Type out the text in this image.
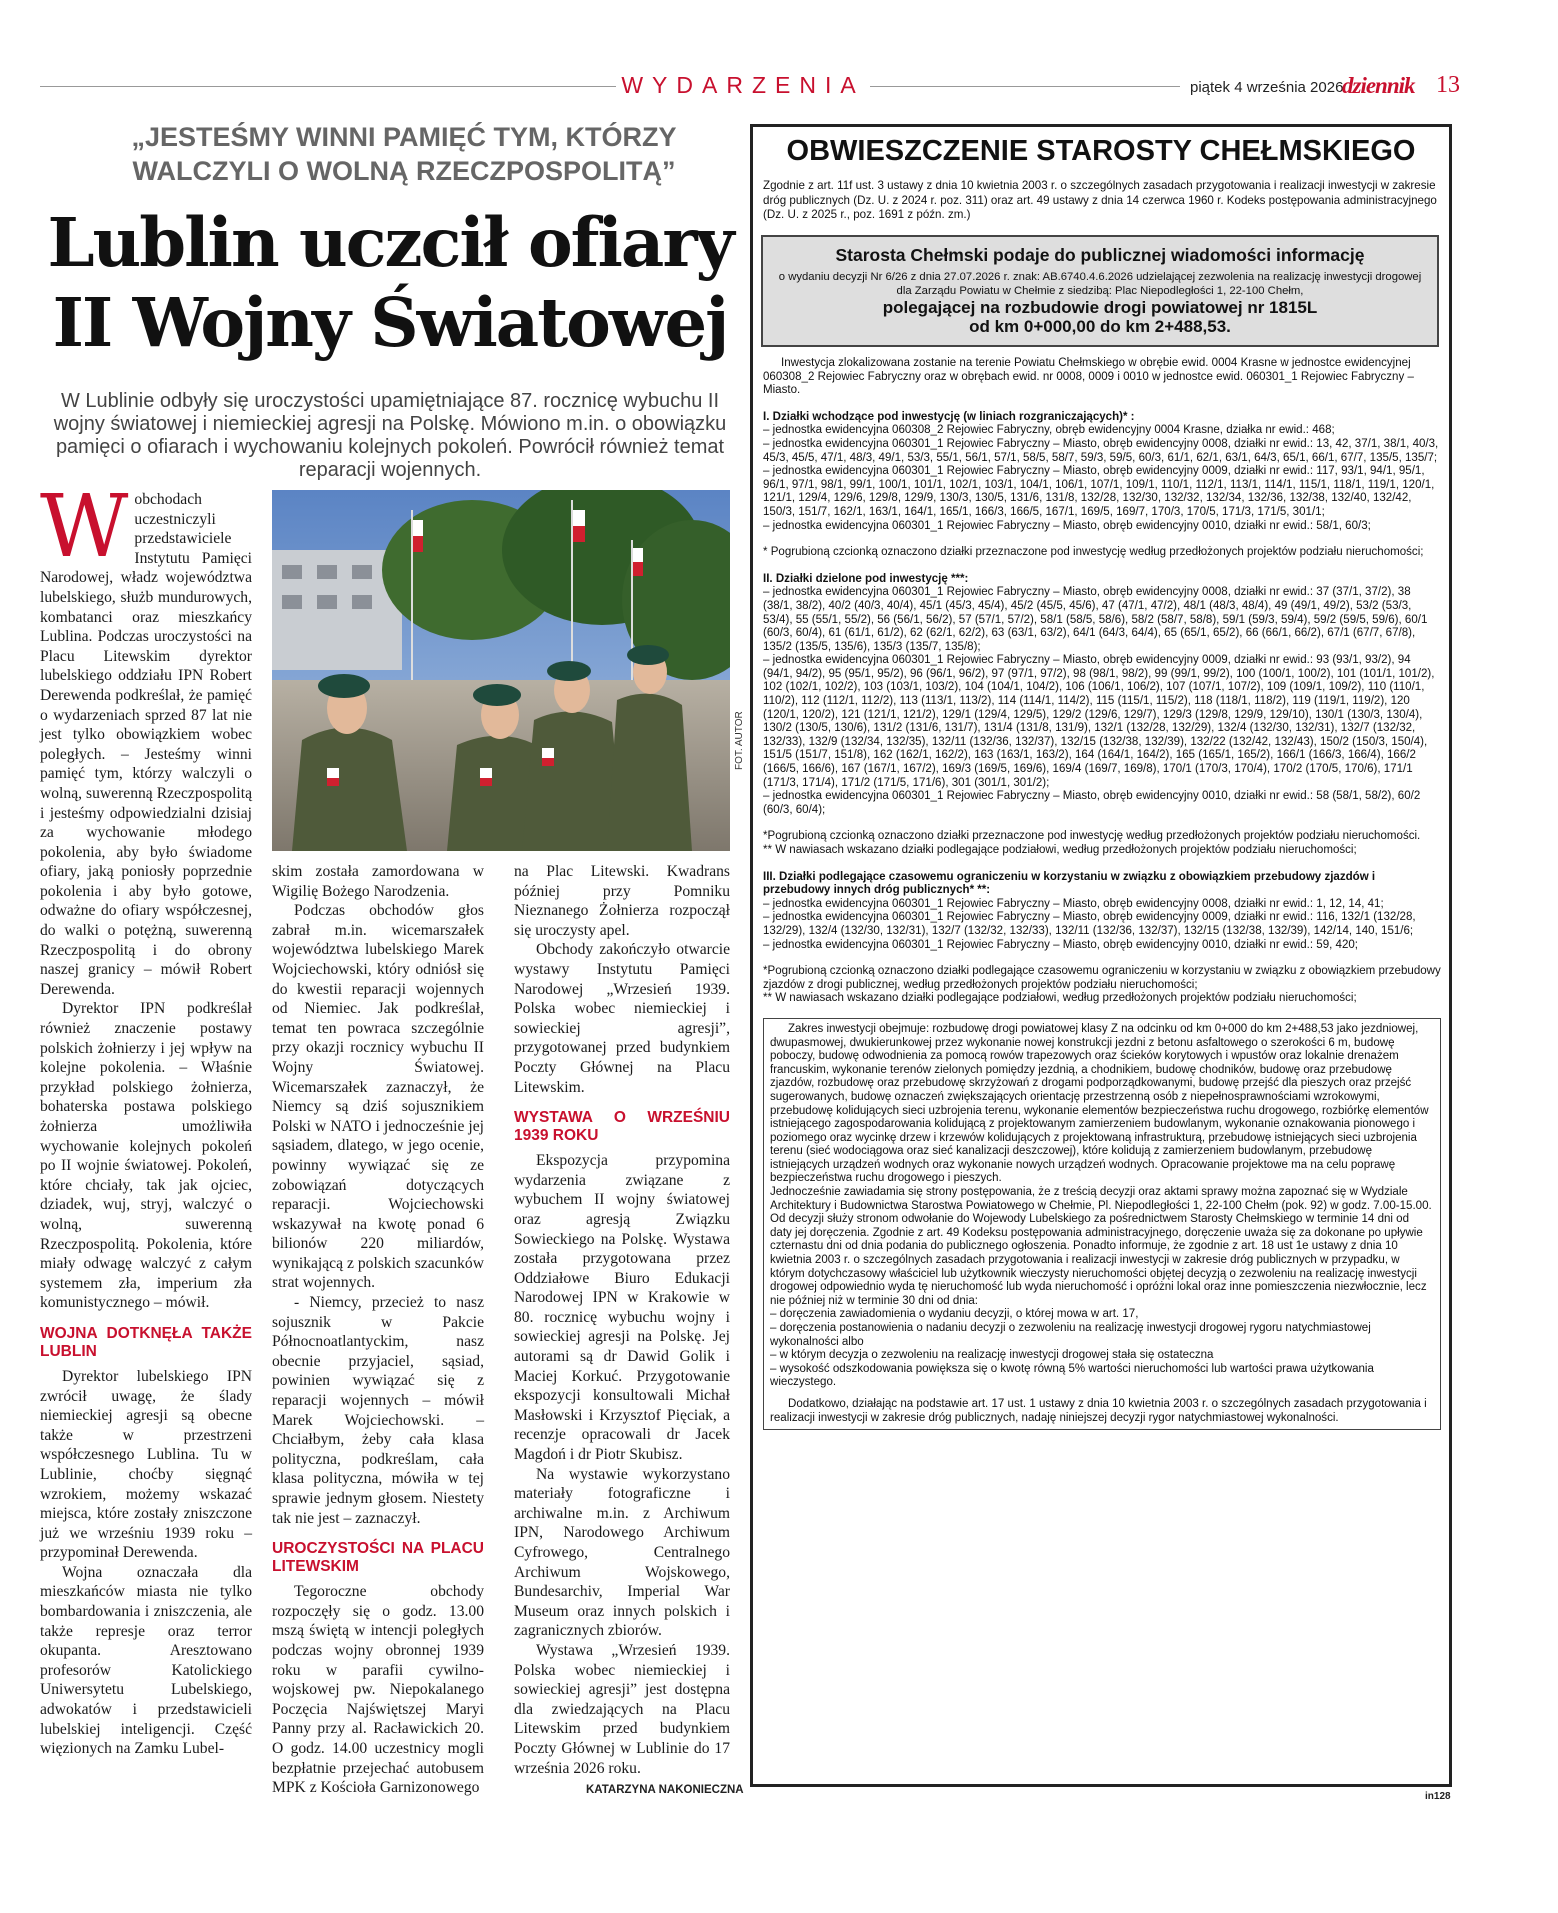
WYDARZENIA	piątek 4 września 2026
dziennik 13
„JESTEŚMY WINNI PAMIĘĆ TYM, KTÓRZY WALCZYLI O WOLNĄ RZECZPOSPOLITĄ”
Lublin uczcił ofiary
II Wojny Światowej
W Lublinie odbyły się uroczystości upamiętniające 87. rocznicę wybuchu II wojny światowej i niemieckiej agresji na Polskę. Mówiono m.in. o obowiązku pamięci o ofiarach i wychowaniu kolejnych pokoleń. Powrócił również temat reparacji wojennych.
FOT. AUTOR

Wobchodach uczestniczyli przedstawiciele Instytutu Pamięci Narodowej, władz województwa lubelskiego, służb mundurowych, kombatanci oraz mieszkańcy Lublina. Podczas uroczystości na Placu Litewskim dyrektor lubelskiego oddziału IPN Robert Derewenda podkreślał, że pamięć o wydarzeniach sprzed 87 lat nie jest tylko obowiązkiem wobec poległych. – Jesteśmy winni pamięć tym, którzy walczyli o wolną, suwerenną Rzeczpospolitą i jesteśmy odpowiedzialni dzisiaj za wychowanie młodego pokolenia, aby było świadome ofiary, jaką poniosły poprzednie pokolenia i aby było gotowe, odważne do ofiary współczesnej, do walki o potężną, suwerenną Rzeczpospolitą i do obrony naszej granicy – mówił Robert Derewenda.

Dyrektor IPN podkreślał również znaczenie postawy polskich żołnierzy i jej wpływ na kolejne pokolenia. – Właśnie przykład polskiego żołnierza, bohaterska postawa polskiego żołnierza umożliwiła wychowanie kolejnych pokoleń po II wojnie światowej. Pokoleń, które chciały, tak jak ojciec, dziadek, wuj, stryj, walczyć o wolną, suwerenną Rzeczpospolitą. Pokolenia, które miały odwagę walczyć z całym systemem zła, imperium zła komunistycznego – mówił.

WOJNA DOTKNĘŁA TAKŻE LUBLIN

Dyrektor lubelskiego IPN zwrócił uwagę, że ślady niemieckiej agresji są obecne także w przestrzeni współczesnego Lublina. Tu w Lublinie, choćby sięgnąć wzrokiem, możemy wskazać miejsca, które zostały zniszczone już we wrześniu 1939 roku – przypominał Derewenda.

Wojna oznaczała dla mieszkańców miasta nie tylko bombardowania i zniszczenia, ale także represje oraz terror okupanta. Aresztowano profesorów Katolickiego Uniwersytetu Lubelskiego, adwokatów i przedstawicieli lubelskiej inteligencji. Część więzionych na Zamku Lubel-

skim została zamordowana w Wigilię Bożego Narodzenia.

Podczas obchodów głos zabrał m.in. wicemarszałek województwa lubelskiego Marek Wojciechowski, który odniósł się do kwestii reparacji wojennych od Niemiec. Jak podkreślał, temat ten powraca szczególnie przy okazji rocznicy wybuchu II Wojny Światowej. Wicemarszałek zaznaczył, że Niemcy są dziś sojusznikiem Polski w NATO i jednocześnie jej sąsiadem, dlatego, w jego ocenie, powinny wywiązać się ze zobowiązań dotyczących reparacji. Wojciechowski wskazywał na kwotę ponad 6 bilionów 220 miliardów, wynikającą z polskich szacunków strat wojennych.

- Niemcy, przecież to nasz sojusznik w Pakcie Północnoatlantyckim, nasz obecnie przyjaciel, sąsiad, powinien wywiązać się z reparacji wojennych – mówił Marek Wojciechowski. – Chciałbym, żeby cała klasa polityczna, podkreślam, cała klasa polityczna, mówiła w tej sprawie jednym głosem. Niestety tak nie jest – zaznaczył.

UROCZYSTOŚCI NA PLACU LITEWSKIM

Tegoroczne obchody rozpoczęły się o godz. 13.00 mszą świętą w intencji poległych podczas wojny obronnej 1939 roku w parafii cywilno-wojskowej pw. Niepokalanego Poczęcia Najświętszej Maryi Panny przy al. Racławickich 20. O godz. 14.00 uczestnicy mogli bezpłatnie przejechać autobusem MPK z Kościoła Garnizonowego

na Plac Litewski. Kwadrans później przy Pomniku Nieznanego Żołnierza rozpoczął się uroczysty apel.

Obchody zakończyło otwarcie wystawy Instytutu Pamięci Narodowej „Wrzesień 1939. Polska wobec niemieckiej i sowieckiej agresji”, przygotowanej przed budynkiem Poczty Głównej na Placu Litewskim.

WYSTAWA O WRZEŚNIU 1939 ROKU

Ekspozycja przypomina wydarzenia związane z wybuchem II wojny światowej oraz agresją Związku Sowieckiego na Polskę. Wystawa została przygotowana przez Oddziałowe Biuro Edukacji Narodowej IPN w Krakowie w 80. rocznicę wybuchu wojny i sowieckiej agresji na Polskę. Jej autorami są dr Dawid Golik i Maciej Korkuć. Przygotowanie ekspozycji konsultowali Michał Masłowski i Krzysztof Pięciak, a recenzje opracowali dr Jacek Magdoń i dr Piotr Skubisz.

Na wystawie wykorzystano materiały fotograficzne i archiwalne m.in. z Archiwum IPN, Narodowego Archiwum Cyfrowego, Centralnego Archiwum Wojskowego, Bundesarchiv, Imperial War Museum oraz innych polskich i zagranicznych zbiorów.

Wystawa „Wrzesień 1939. Polska wobec niemieckiej i sowieckiej agresji” jest dostępna dla zwiedzających na Placu Litewskim przed budynkiem Poczty Głównej w Lublinie do 17 września 2026 roku.

KATARZYNA NAKONIECZNA
OBWIESZCZENIE STAROSTY CHEŁMSKIEGO
Zgodnie z art. 11f ust. 3 ustawy z dnia 10 kwietnia 2003 r. o szczególnych zasadach przygotowania i realizacji inwestycji w zakresie dróg publicznych (Dz. U. z 2024 r. poz. 311) oraz art. 49 ustawy z dnia 14 czerwca 1960 r. Kodeks postępowania administracyjnego (Dz. U. z 2025 r., poz. 1691 z późn. zm.)
Starosta Chełmski podaje do publicznej wiadomości informację
o wydaniu decyzji Nr 6/26 z dnia 27.07.2026 r. znak: AB.6740.4.6.2026 udzielającej zezwolenia na realizację inwestycji drogowej dla Zarządu Powiatu w Chełmie z siedzibą: Plac Niepodległości 1, 22-100 Chełm,
polegającej na rozbudowie drogi powiatowej nr 1815L
od km 0+000,00 do km 2+488,53.

Inwestycja zlokalizowana zostanie na terenie Powiatu Chełmskiego w obrębie ewid. 0004 Krasne w jednostce ewidencyjnej 060308_2 Rejowiec Fabryczny oraz w obrębach ewid. nr 0008, 0009 i 0010 w jednostce ewid. 060301_1 Rejowiec Fabryczny – Miasto.

I. Działki wchodzące pod inwestycję (w liniach rozgraniczających)* :

– jednostka ewidencyjna 060308_2 Rejowiec Fabryczny, obręb ewidencyjny 0004 Krasne, działka nr ewid.: 468;

– jednostka ewidencyjna 060301_1 Rejowiec Fabryczny – Miasto, obręb ewidencyjny 0008, działki nr ewid.: 13, 42, 37/1, 38/1, 40/3, 45/3, 45/5, 47/1, 48/3, 49/1, 53/3, 55/1, 56/1, 57/1, 58/5, 58/7, 59/3, 59/5, 60/3, 61/1, 62/1, 63/1, 64/3, 65/1, 66/1, 67/7, 135/5, 135/7;

– jednostka ewidencyjna 060301_1 Rejowiec Fabryczny – Miasto, obręb ewidencyjny 0009, działki nr ewid.: 117, 93/1, 94/1, 95/1, 96/1, 97/1, 98/1, 99/1, 100/1, 101/1, 102/1, 103/1, 104/1, 106/1, 107/1, 109/1, 110/1, 112/1, 113/1, 114/1, 115/1, 118/1, 119/1, 120/1, 121/1, 129/4, 129/6, 129/8, 129/9, 130/3, 130/5, 131/6, 131/8, 132/28, 132/30, 132/32, 132/34, 132/36, 132/38, 132/40, 132/42, 150/3, 151/7, 162/1, 163/1, 164/1, 165/1, 166/3, 166/5, 167/1, 169/5, 169/7, 170/3, 170/5, 171/3, 171/5, 301/1;

– jednostka ewidencyjna 060301_1 Rejowiec Fabryczny – Miasto, obręb ewidencyjny 0010, działki nr ewid.: 58/1, 60/3;

* Pogrubioną czcionką oznaczono działki przeznaczone pod inwestycję według przedłożonych projektów podziału nieruchomości;

II. Działki dzielone pod inwestycję ***:

– jednostka ewidencyjna 060301_1 Rejowiec Fabryczny – Miasto, obręb ewidencyjny 0008, działki nr ewid.: 37 (37/1, 37/2), 38 (38/1, 38/2), 40/2 (40/3, 40/4), 45/1 (45/3, 45/4), 45/2 (45/5, 45/6), 47 (47/1, 47/2), 48/1 (48/3, 48/4), 49 (49/1, 49/2), 53/2 (53/3, 53/4), 55 (55/1, 55/2), 56 (56/1, 56/2), 57 (57/1, 57/2), 58/1 (58/5, 58/6), 58/2 (58/7, 58/8), 59/1 (59/3, 59/4), 59/2 (59/5, 59/6), 60/1 (60/3, 60/4), 61 (61/1, 61/2), 62 (62/1, 62/2), 63 (63/1, 63/2), 64/1 (64/3, 64/4), 65 (65/1, 65/2), 66 (66/1, 66/2), 67/1 (67/7, 67/8), 135/2 (135/5, 135/6), 135/3 (135/7, 135/8);

– jednostka ewidencyjna 060301_1 Rejowiec Fabryczny – Miasto, obręb ewidencyjny 0009, działki nr ewid.: 93 (93/1, 93/2), 94 (94/1, 94/2), 95 (95/1, 95/2), 96 (96/1, 96/2), 97 (97/1, 97/2), 98 (98/1, 98/2), 99 (99/1, 99/2), 100 (100/1, 100/2), 101 (101/1, 101/2), 102 (102/1, 102/2), 103 (103/1, 103/2), 104 (104/1, 104/2), 106 (106/1, 106/2), 107 (107/1, 107/2), 109 (109/1, 109/2), 110 (110/1, 110/2), 112 (112/1, 112/2), 113 (113/1, 113/2), 114 (114/1, 114/2), 115 (115/1, 115/2), 118 (118/1, 118/2), 119 (119/1, 119/2), 120 (120/1, 120/2), 121 (121/1, 121/2), 129/1 (129/4, 129/5), 129/2 (129/6, 129/7), 129/3 (129/8, 129/9, 129/10), 130/1 (130/3, 130/4), 130/2 (130/5, 130/6), 131/2 (131/6, 131/7), 131/4 (131/8, 131/9), 132/1 (132/28, 132/29), 132/4 (132/30, 132/31), 132/7 (132/32, 132/33), 132/9 (132/34, 132/35), 132/11 (132/36, 132/37), 132/15 (132/38, 132/39), 132/22 (132/42, 132/43), 150/2 (150/3, 150/4), 151/5 (151/7, 151/8), 162 (162/1, 162/2), 163 (163/1, 163/2), 164 (164/1, 164/2), 165 (165/1, 165/2), 166/1 (166/3, 166/4), 166/2 (166/5, 166/6), 167 (167/1, 167/2), 169/3 (169/5, 169/6), 169/4 (169/7, 169/8), 170/1 (170/3, 170/4), 170/2 (170/5, 170/6), 171/1 (171/3, 171/4), 171/2 (171/5, 171/6), 301 (301/1, 301/2);

– jednostka ewidencyjna 060301_1 Rejowiec Fabryczny – Miasto, obręb ewidencyjny 0010, działki nr ewid.: 58 (58/1, 58/2), 60/2 (60/3, 60/4);

*Pogrubioną czcionką oznaczono działki przeznaczone pod inwestycję według przedłożonych projektów podziału nieruchomości.

** W nawiasach wskazano działki podlegające podziałowi, według przedłożonych projektów podziału nieruchomości;

III. Działki podlegające czasowemu ograniczeniu w korzystaniu w związku z obowiązkiem przebudowy zjazdów i przebudowy innych dróg publicznych* **:

– jednostka ewidencyjna 060301_1 Rejowiec Fabryczny – Miasto, obręb ewidencyjny 0008, działki nr ewid.: 1, 12, 14, 41;

– jednostka ewidencyjna 060301_1 Rejowiec Fabryczny – Miasto, obręb ewidencyjny 0009, działki nr ewid.: 116, 132/1 (132/28, 132/29), 132/4 (132/30, 132/31), 132/7 (132/32, 132/33), 132/11 (132/36, 132/37), 132/15 (132/38, 132/39), 142/14, 140, 151/6;

– jednostka ewidencyjna 060301_1 Rejowiec Fabryczny – Miasto, obręb ewidencyjny 0010, działki nr ewid.: 59, 420;

*Pogrubioną czcionką oznaczono działki podlegające czasowemu ograniczeniu w korzystaniu w związku z obowiązkiem przebudowy zjazdów z drogi publicznej, według przedłożonych projektów podziału nieruchomości;

** W nawiasach wskazano działki podlegające podziałowi, według przedłożonych projektów podziału nieruchomości;

Zakres inwestycji obejmuje: rozbudowę drogi powiatowej klasy Z na odcinku od km 0+000 do km 2+488,53 jako jezdniowej, dwupasmowej, dwukierunkowej przez wykonanie nowej konstrukcji jezdni z betonu asfaltowego o szerokości 6 m, budowę poboczy, budowę odwodnienia za pomocą rowów trapezowych oraz ścieków korytowych i wpustów oraz lokalnie drenażem francuskim, wykonanie terenów zielonych pomiędzy jezdnią, a chodnikiem, budowę chodników, budowę oraz przebudowę zjazdów, rozbudowę oraz przebudowę skrzyżowań z drogami podporządkowanymi, budowę przejść dla pieszych oraz przejść sugerowanych, budowę oznaczeń zwiększających orientację przestrzenną osób z niepełnosprawnościami wzrokowymi, przebudowę kolidujących sieci uzbrojenia terenu, wykonanie elementów bezpieczeństwa ruchu drogowego, rozbiórkę elementów istniejącego zagospodarowania kolidującą z projektowanym zamierzeniem budowlanym, wykonanie oznakowania pionowego i poziomego oraz wycinkę drzew i krzewów kolidujących z projektowaną infrastrukturą, przebudowę istniejących sieci uzbrojenia terenu (sieć wodociągowa oraz sieć kanalizacji deszczowej), które kolidują z zamierzeniem budowlanym, przebudowę istniejących urządzeń wodnych oraz wykonanie nowych urządzeń wodnych. Opracowanie projektowe ma na celu poprawę bezpieczeństwa ruchu drogowego i pieszych.

Jednocześnie zawiadamia się strony postępowania, że z treścią decyzji oraz aktami sprawy można zapoznać się w Wydziale Architektury i Budownictwa Starostwa Powiatowego w Chełmie, Pl. Niepodległości 1, 22-100 Chełm (pok. 92) w godz. 7.00-15.00.

Od decyzji służy stronom odwołanie do Wojewody Lubelskiego za pośrednictwem Starosty Chełmskiego w terminie 14 dni od daty jej doręczenia. Zgodnie z art. 49 Kodeksu postępowania administracyjnego, doręczenie uważa się za dokonane po upływie czternastu dni od dnia podania do publicznego ogłoszenia. Ponadto informuje, że zgodnie z art. 18 ust 1e ustawy z dnia 10 kwietnia 2003 r. o szczególnych zasadach przygotowania i realizacji inwestycji w zakresie dróg publicznych w przypadku, w którym dotychczasowy właściciel lub użytkownik wieczysty nieruchomości objętej decyzją o zezwoleniu na realizację inwestycji drogowej odpowiednio wyda tę nieruchomość lub wyda nieruchomość i opróżni lokal oraz inne pomieszczenia niezwłocznie, lecz nie później niż w terminie 30 dni od dnia:

– doręczenia zawiadomienia o wydaniu decyzji, o której mowa w art. 17,

– doręczenia postanowienia o nadaniu decyzji o zezwoleniu na realizację inwestycji drogowej rygoru natychmiastowej wykonalności albo

– w którym decyzja o zezwoleniu na realizację inwestycji drogowej stała się ostateczna

– wysokość odszkodowania powiększa się o kwotę równą 5% wartości nieruchomości lub wartości prawa użytkowania wieczystego.

Dodatkowo, działając na podstawie art. 17 ust. 1 ustawy z dnia 10 kwietnia 2003 r. o szczególnych zasadach przygotowania i realizacji inwestycji w zakresie dróg publicznych, nadaję niniejszej decyzji rygor natychmiastowej wykonalności.

in128
